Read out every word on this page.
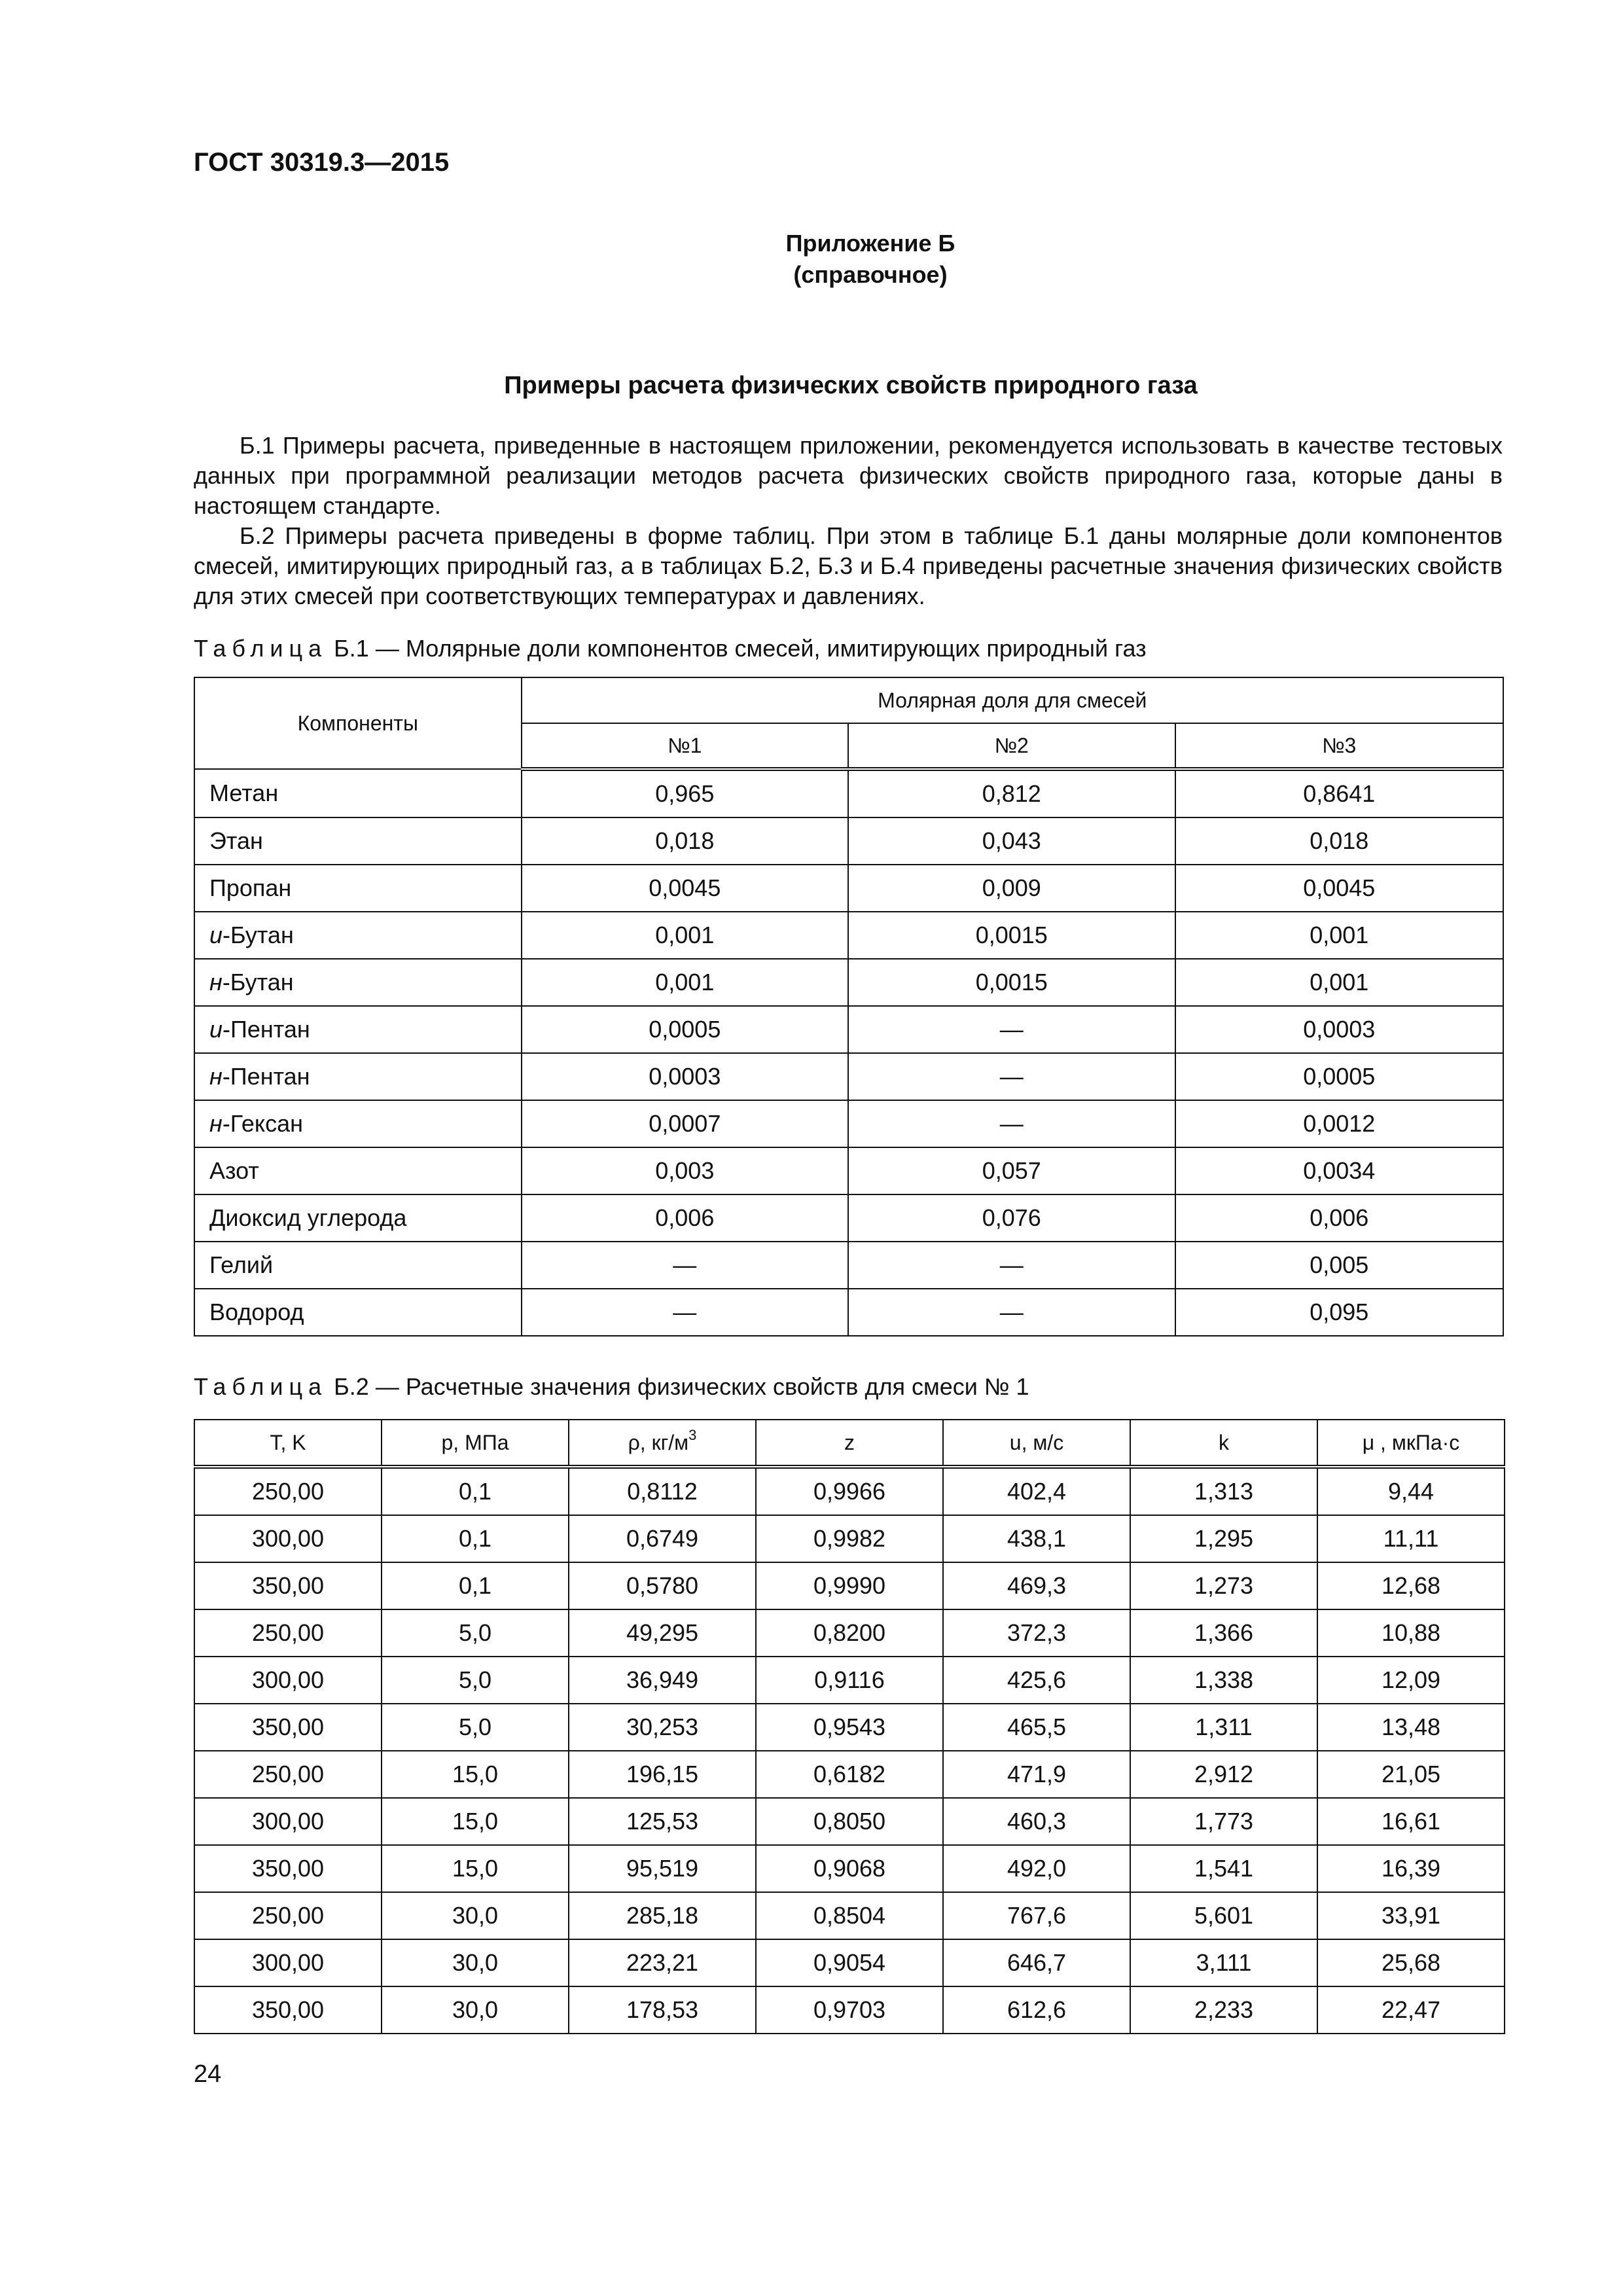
ГОСТ 30319.3—2015
Приложение Б
(справочное)
Примеры расчета физических свойств природного газа
Б.1 Примеры расчета, приведенные в настоящем приложении, рекомендуется использовать в качестве тестовых данных при программной реализации методов расчета физических свойств природного газа, которые даны в настоящем стандарте.
Б.2 Примеры расчета приведены в форме таблиц. При этом в таблице Б.1 даны молярные доли компонентов смесей, имитирующих природный газ, а в таблицах Б.2, Б.3 и Б.4 приведены расчетные значения физических свойств для этих смесей при соответствующих температурах и давлениях.
Таблица Б.1 — Молярные доли компонентов смесей, имитирующих природный газ
Компоненты	Молярная доля для смесей		
	№1	№2	№3
Метан	0,965	0,812	0,8641
Этан	0,018	0,043	0,018
Пропан	0,0045	0,009	0,0045
и-Бутан	0,001	0,0015	0,001
н-Бутан	0,001	0,0015	0,001
и-Пентан	0,0005	—	0,0003
н-Пентан	0,0003	—	0,0005
н-Гексан	0,0007	—	0,0012
Азот	0,003	0,057	0,0034
Диоксид углерода	0,006	0,076	0,006
Гелий	—	—	0,005
Водород	—	—	0,095
Таблица Б.2 — Расчетные значения физических свойств для смеси № 1
T, K	p, МПа	ρ, $кг/м^3$	z	u, м/с	k	μ , мкПа·с
250,00	0,1	0,8112	0,9966	402,4	1,313	9,44
300,00	0,1	0,6749	0,9982	438,1	1,295	11,11
350,00	0,1	0,5780	0,9990	469,3	1,273	12,68
250,00	5,0	49,295	0,8200	372,3	1,366	10,88
300,00	5,0	36,949	0,9116	425,6	1,338	12,09
350,00	5,0	30,253	0,9543	465,5	1,311	13,48
250,00	15,0	196,15	0,6182	471,9	2,912	21,05
300,00	15,0	125,53	0,8050	460,3	1,773	16,61
350,00	15,0	95,519	0,9068	492,0	1,541	16,39
250,00	30,0	285,18	0,8504	767,6	5,601	33,91
300,00	30,0	223,21	0,9054	646,7	3,111	25,68
350,00	30,0	178,53	0,9703	612,6	2,233	22,47
24
